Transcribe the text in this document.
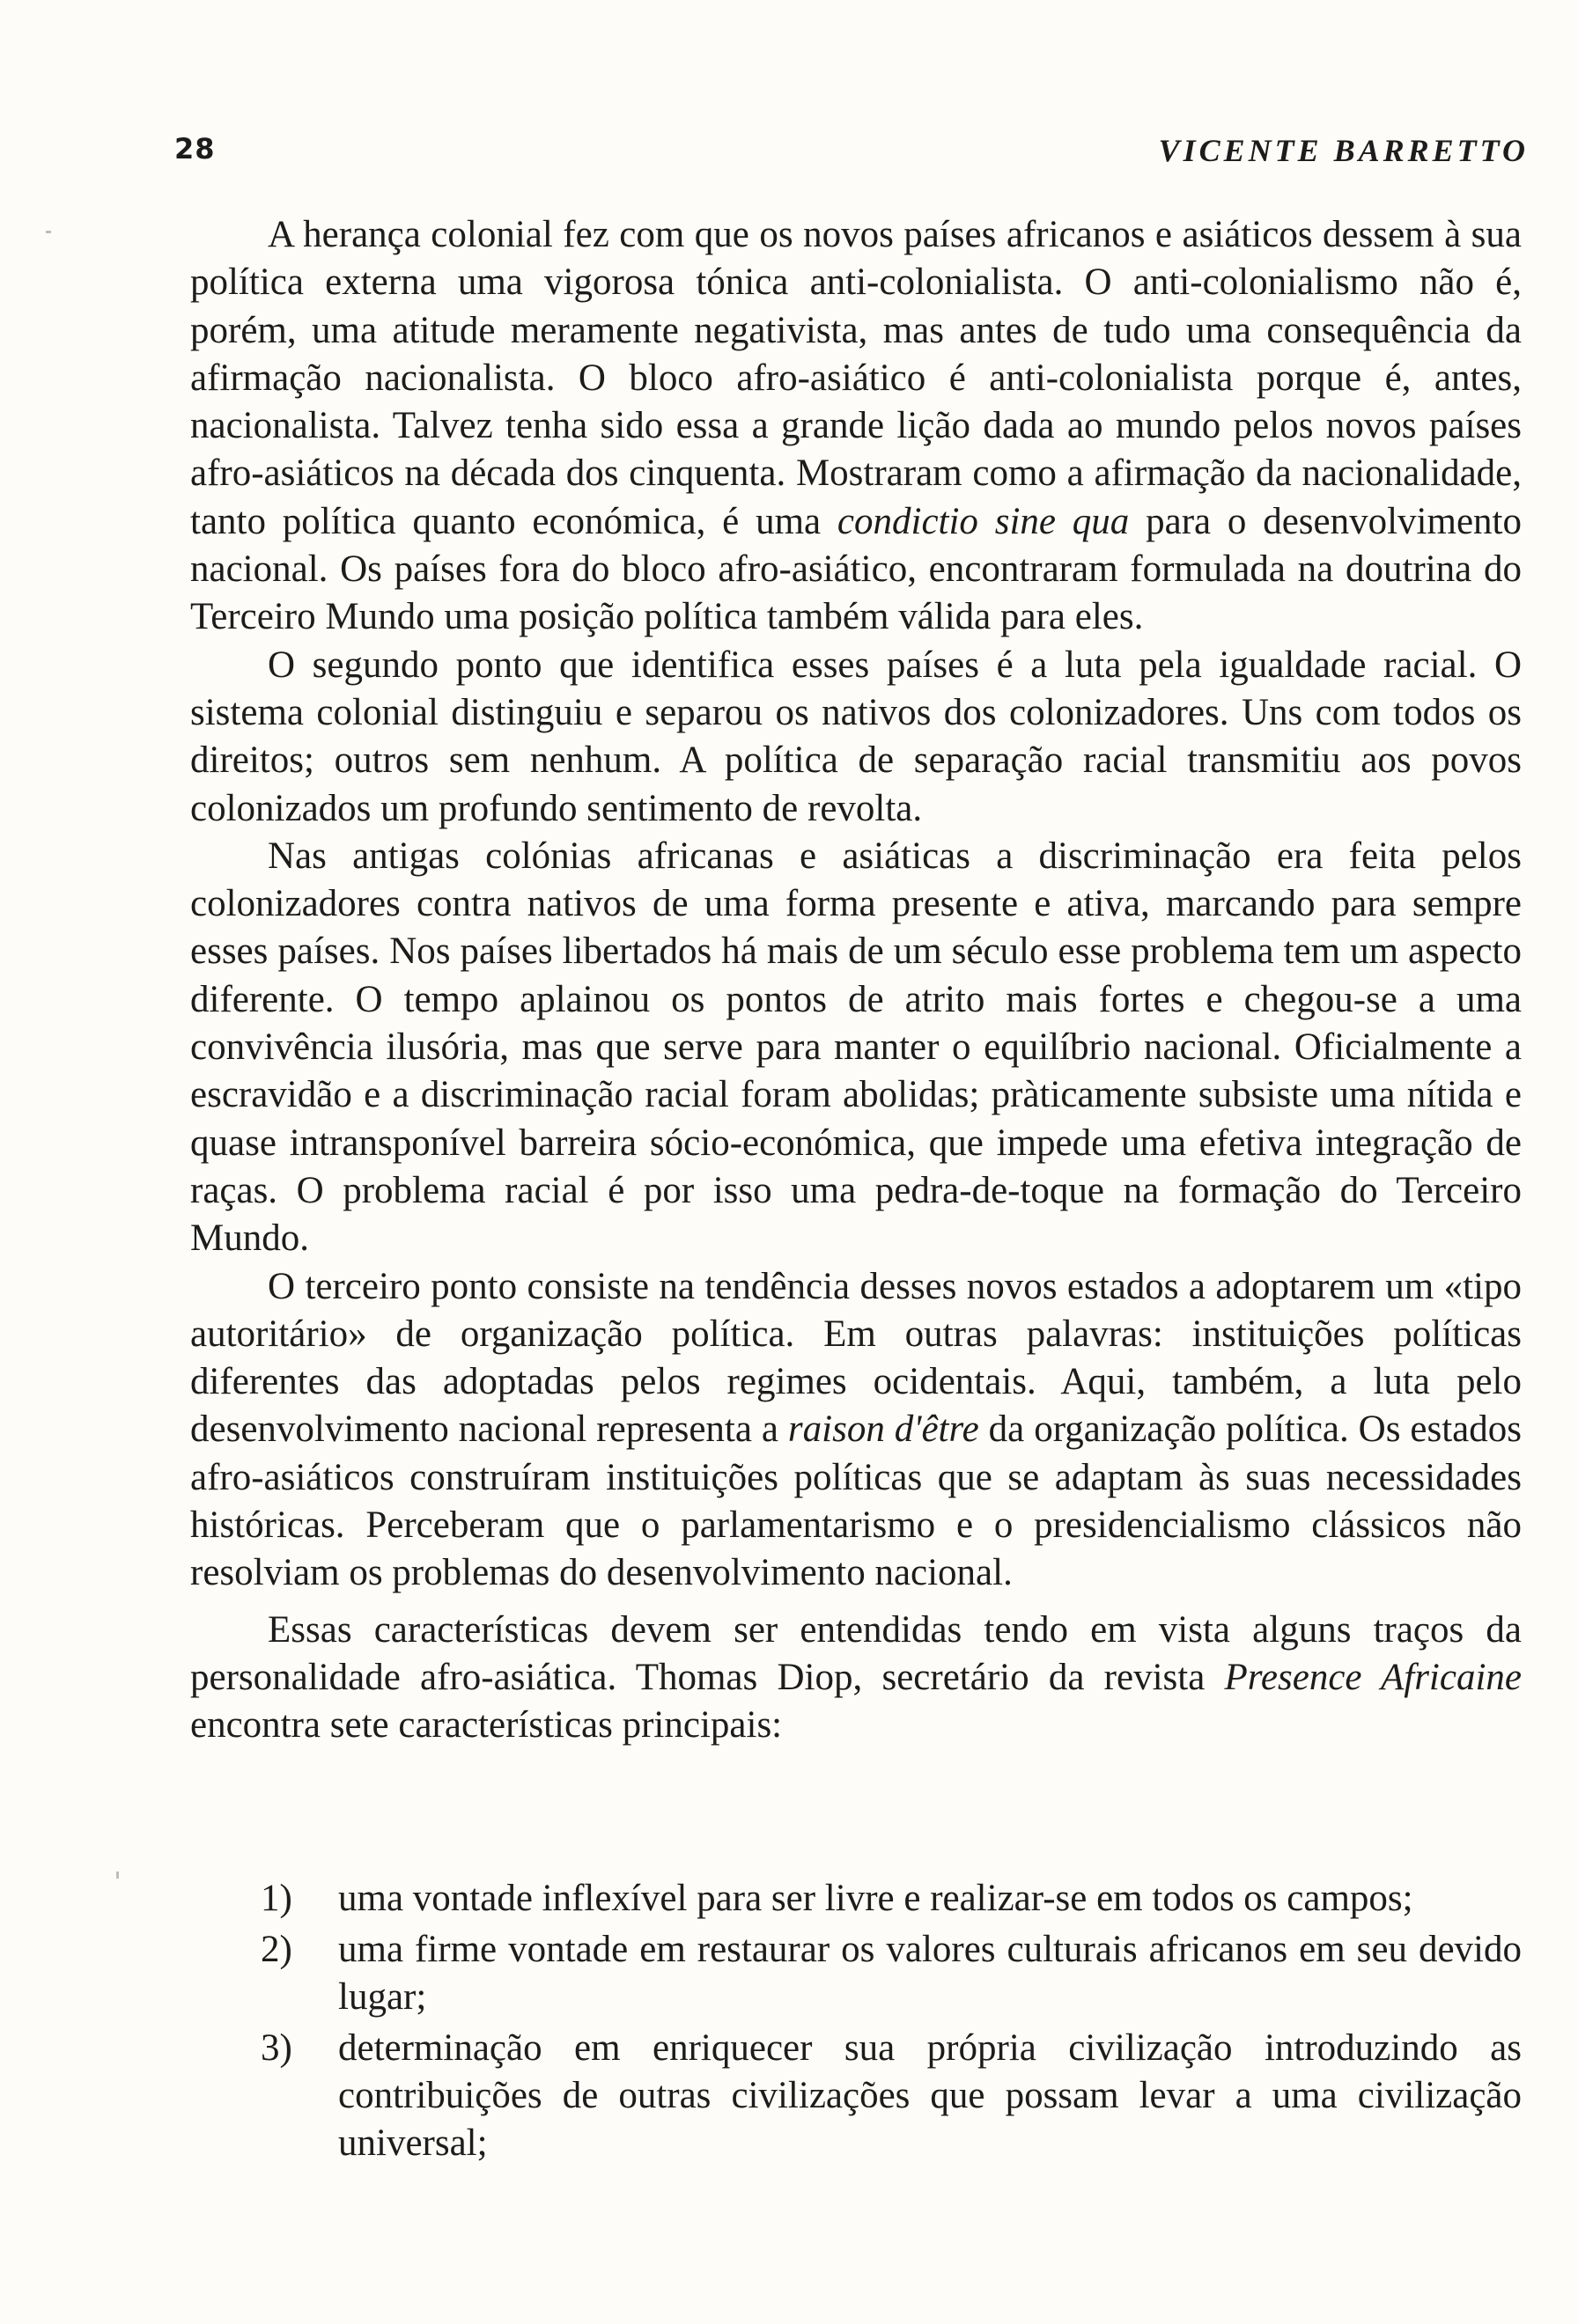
28	VICENTE BARRETTO

A herança colonial fez com que os novos países africanos e asiáticos dessem à sua política externa uma vigorosa tónica anti-colonialista. O anti-colonialismo não é, porém, uma atitude meramente negativista, mas antes de tudo uma consequência da afirmação nacionalista. O bloco afro-asiático é anti-colonialista porque é, antes, nacionalista. Talvez tenha sido essa a grande lição dada ao mundo pelos novos países afro-asiáticos na década dos cinquenta. Mostraram como a afirmação da nacionalidade, tanto política quanto económica, é uma condictio sine qua para o desenvolvimento nacional. Os países fora do bloco afro-asiático, encontraram formulada na doutrina do Terceiro Mundo uma posição política também válida para eles.

O segundo ponto que identifica esses países é a luta pela igualdade racial. O sistema colonial distinguiu e separou os nativos dos colonizadores. Uns com todos os direitos; outros sem nenhum. A política de separação racial transmitiu aos povos colonizados um profundo sentimento de revolta.

Nas antigas colónias africanas e asiáticas a discriminação era feita pelos colonizadores contra nativos de uma forma presente e ativa, marcando para sempre esses países. Nos países libertados há mais de um século esse problema tem um aspecto diferente. O tempo aplainou os pontos de atrito mais fortes e chegou-se a uma convivência ilusória, mas que serve para manter o equilíbrio nacional. Oficialmente a escravidão e a discriminação racial foram abolidas; pràticamente subsiste uma nítida e quase intransponível barreira sócio-económica, que impede uma efetiva integração de raças. O problema racial é por isso uma pedra-de-toque na formação do Terceiro Mundo.

O terceiro ponto consiste na tendência desses novos estados a adoptarem um «tipo autoritário» de organização política. Em outras palavras: instituições políticas diferentes das adoptadas pelos regimes ocidentais. Aqui, também, a luta pelo desenvolvimento nacional representa a raison d'être da organização política. Os estados afro-asiáticos construíram instituições políticas que se adaptam às suas necessidades históricas. Perceberam que o parlamentarismo e o presidencialismo clássicos não resolviam os problemas do desenvolvimento nacional.

Essas características devem ser entendidas tendo em vista alguns traços da personalidade afro-asiática. Thomas Diop, secretário da revista Presence Africaine encontra sete características principais:

1) uma vontade inflexível para ser livre e realizar-se em todos os campos;
2) uma firme vontade em restaurar os valores culturais africanos em seu devido lugar;
3) determinação em enriquecer sua própria civilização introduzindo as contribuições de outras civilizações que possam levar a uma civilização universal;
